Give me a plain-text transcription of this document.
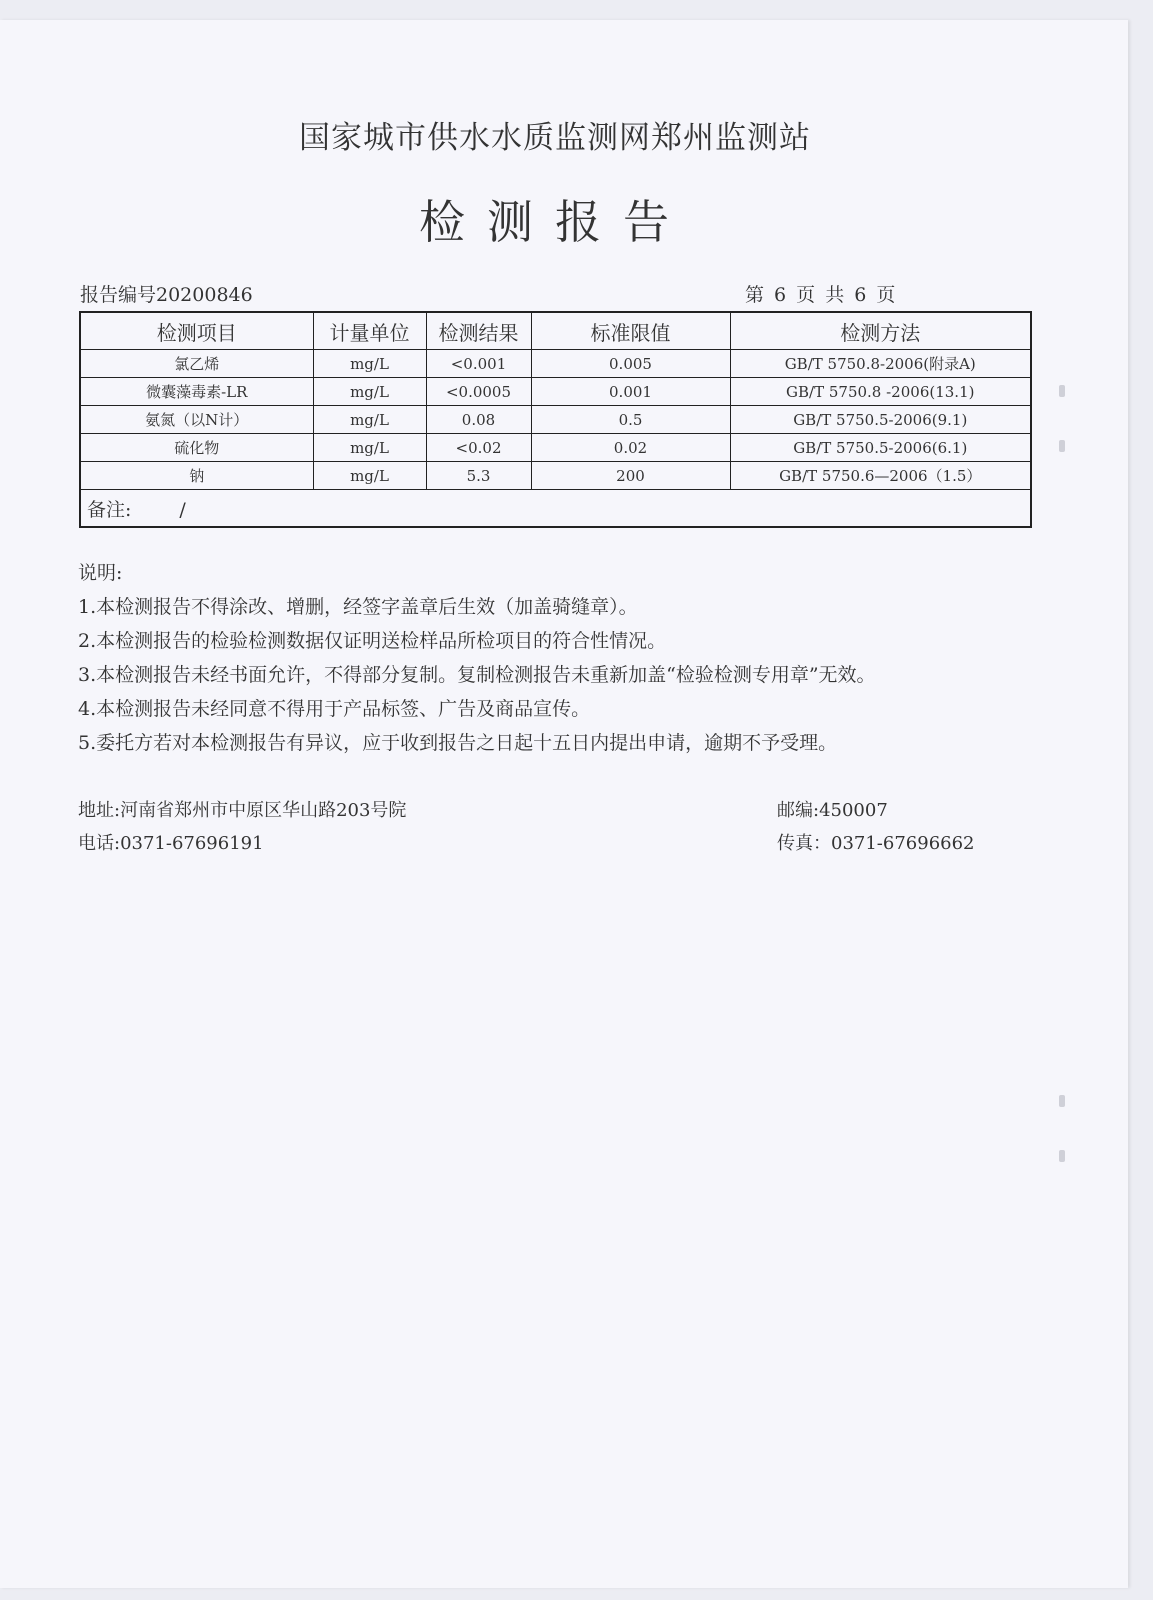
国家城市供水水质监测网郑州监测站
检测报告
报告编号20200846	第 6 页 共 6 页
检测项目	计量单位	检测结果	标准限值	检测方法
氯乙烯	mg/L	<0.001	0.005	GB/T 5750.8-2006(附录A)
微囊藻毒素-LR	mg/L	<0.0005	0.001	GB/T 5750.8 -2006(13.1)
氨氮（以N计）	mg/L	0.08	0.5	GB/T 5750.5-2006(9.1)
硫化物	mg/L	<0.02	0.02	GB/T 5750.5-2006(6.1)
钠	mg/L	5.3	200	GB/T 5750.6—2006（1.5）
备注: /				

说明:

1.本检测报告不得涂改、增删，经签字盖章后生效（加盖骑缝章）。

2.本检测报告的检验检测数据仅证明送检样品所检项目的符合性情况。

3.本检测报告未经书面允许，不得部分复制。复制检测报告未重新加盖“检验检测专用章”无效。

4.本检测报告未经同意不得用于产品标签、广告及商品宣传。

5.委托方若对本检测报告有异议，应于收到报告之日起十五日内提出申请，逾期不予受理。

地址:河南省郑州市中原区华山路203号院	邮编:450007
电话:0371-67696191	传真：0371-67696662
